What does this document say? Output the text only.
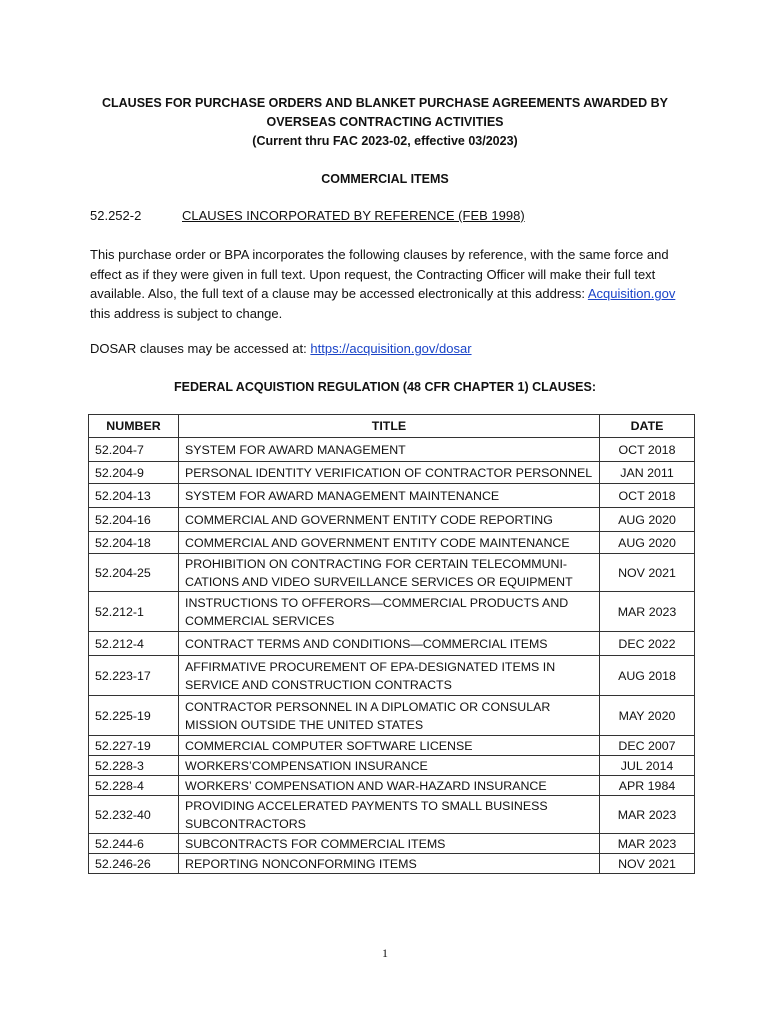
CLAUSES FOR PURCHASE ORDERS AND BLANKET PURCHASE AGREEMENTS AWARDED BY
OVERSEAS CONTRACTING ACTIVITIES
(Current thru FAC 2023-02, effective 03/2023)
COMMERCIAL ITEMS
52.252-2	CLAUSES INCORPORATED BY REFERENCE (FEB 1998)
This purchase order or BPA incorporates the following clauses by reference, with the same force and effect as if they were given in full text. Upon request, the Contracting Officer will make their full text available. Also, the full text of a clause may be accessed electronically at this address: Acquisition.gov this address is subject to change.
DOSAR clauses may be accessed at: https://acquisition.gov/dosar
FEDERAL ACQUISTION REGULATION (48 CFR CHAPTER 1) CLAUSES:
NUMBER	TITLE	DATE
52.204-7	SYSTEM FOR AWARD MANAGEMENT	OCT 2018
52.204-9	PERSONAL IDENTITY VERIFICATION OF CONTRACTOR PERSONNEL	JAN 2011
52.204-13	SYSTEM FOR AWARD MANAGEMENT MAINTENANCE	OCT 2018
52.204-16	COMMERCIAL AND GOVERNMENT ENTITY CODE REPORTING	AUG 2020
52.204-18	COMMERCIAL AND GOVERNMENT ENTITY CODE MAINTENANCE	AUG 2020
52.204-25	PROHIBITION ON CONTRACTING FOR CERTAIN TELECOMMUNI-CATIONS AND VIDEO SURVEILLANCE SERVICES OR EQUIPMENT	NOV 2021
52.212-1	INSTRUCTIONS TO OFFERORS—COMMERCIAL PRODUCTS AND COMMERCIAL SERVICES	MAR 2023
52.212-4	CONTRACT TERMS AND CONDITIONS—COMMERCIAL ITEMS	DEC 2022
52.223-17	AFFIRMATIVE PROCUREMENT OF EPA-DESIGNATED ITEMS IN SERVICE AND CONSTRUCTION CONTRACTS	AUG 2018
52.225-19	CONTRACTOR PERSONNEL IN A DIPLOMATIC OR CONSULAR MISSION OUTSIDE THE UNITED STATES	MAY 2020
52.227-19	COMMERCIAL COMPUTER SOFTWARE LICENSE	DEC 2007
52.228-3	WORKERS’COMPENSATION INSURANCE	JUL 2014
52.228-4	WORKERS’ COMPENSATION AND WAR-HAZARD INSURANCE	APR 1984
52.232-40	PROVIDING ACCELERATED PAYMENTS TO SMALL BUSINESS SUBCONTRACTORS	MAR 2023
52.244-6	SUBCONTRACTS FOR COMMERCIAL ITEMS	MAR 2023
52.246-26	REPORTING NONCONFORMING ITEMS	NOV 2021
1
